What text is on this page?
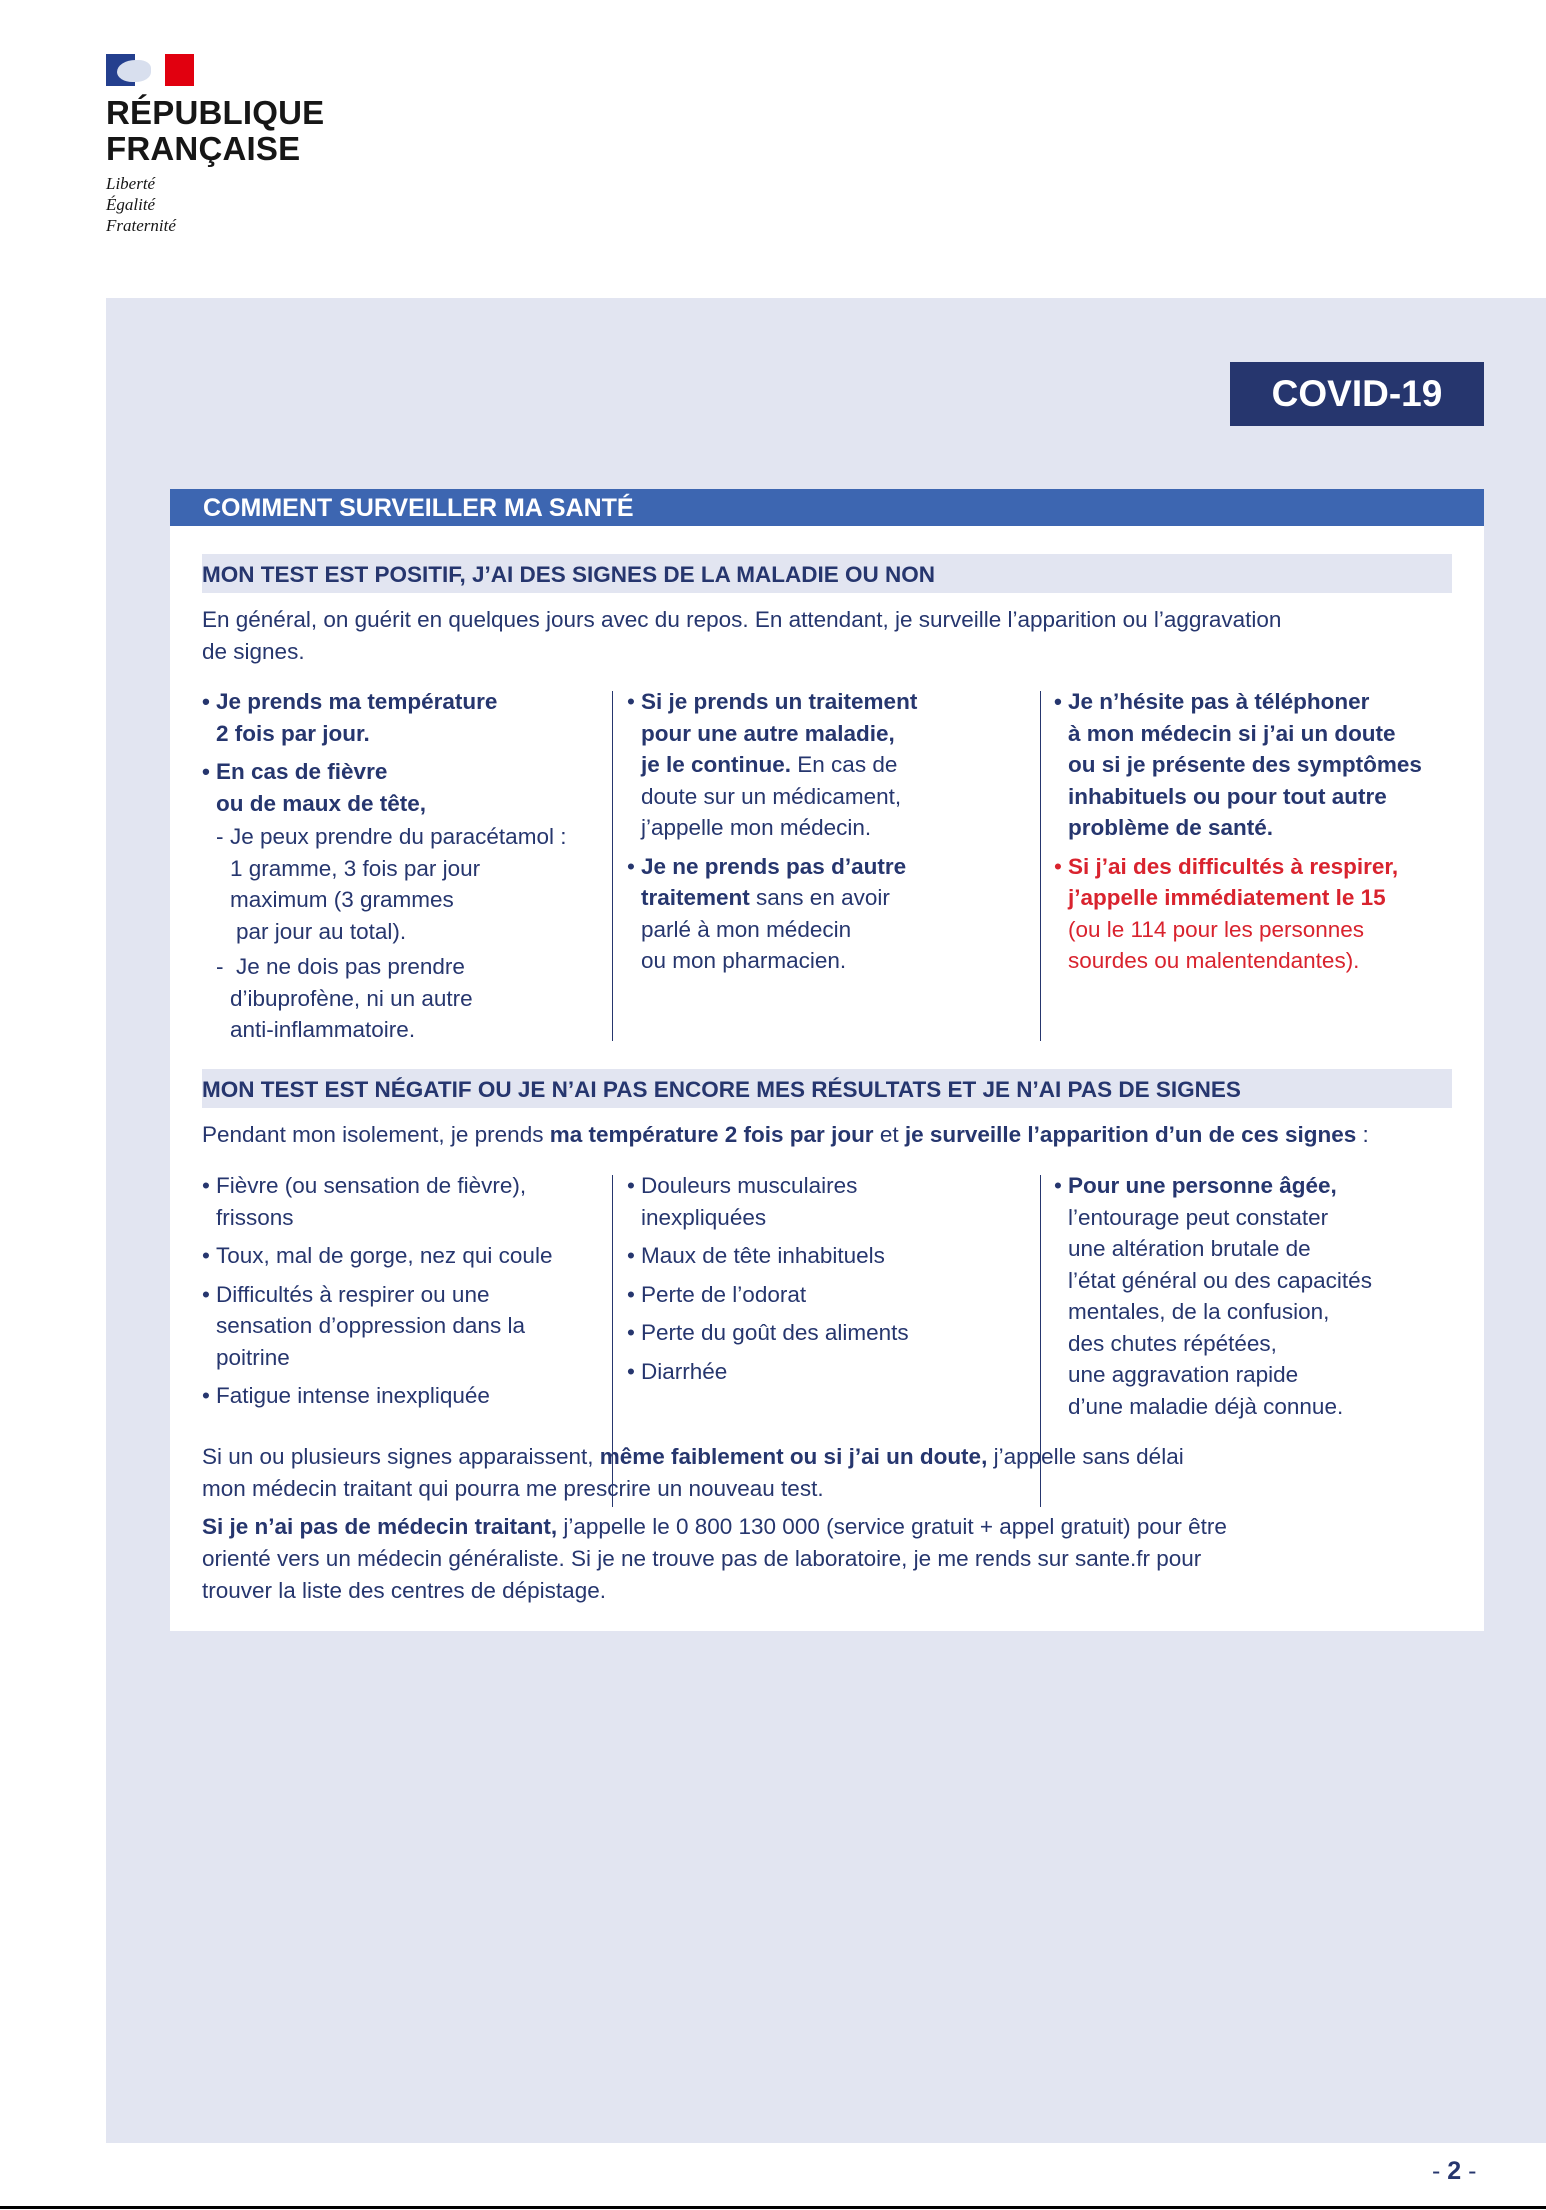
RÉPUBLIQUE
FRANÇAISE
Liberté
Égalité
Fraternité
COVID-19
COMMENT SURVEILLER MA SANTÉ
MON TEST EST POSITIF, J’AI DES SIGNES DE LA MALADIE OU NON
En général, on guérit en quelques jours avec du repos. En attendant, je surveille l’apparition ou l’aggravation
de signes.
• Je prends ma température
2 fois par jour.
• En cas de fièvre
ou de maux de tête,
- Je peux prendre du paracétamol :
1 gramme, 3 fois par jour
maximum (3 grammes
par jour au total).
- Je ne dois pas prendre
d’ibuprofène, ni un autre
anti-inflammatoire.
• Si je prends un traitement
pour une autre maladie,
je le continue. En cas de
doute sur un médicament,
j’appelle mon médecin.
• Je ne prends pas d’autre
traitement sans en avoir
parlé à mon médecin
ou mon pharmacien.
• Je n’hésite pas à téléphoner
à mon médecin si j’ai un doute
ou si je présente des symptômes
inhabituels ou pour tout autre
problème de santé.
• Si j’ai des difficultés à respirer,
j’appelle immédiatement le 15
(ou le 114 pour les personnes
sourdes ou malentendantes).
MON TEST EST NÉGATIF OU JE N’AI PAS ENCORE MES RÉSULTATS ET JE N’AI PAS DE SIGNES
Pendant mon isolement, je prends ma température 2 fois par jour et je surveille l’apparition d’un de ces signes :
• Fièvre (ou sensation de fièvre),
frissons
• Toux, mal de gorge, nez qui coule
• Difficultés à respirer ou une
sensation d’oppression dans la
poitrine
• Fatigue intense inexpliquée
• Douleurs musculaires
inexpliquées
• Maux de tête inhabituels
• Perte de l’odorat
• Perte du goût des aliments
• Diarrhée
• Pour une personne âgée,
l’entourage peut constater
une altération brutale de
l’état général ou des capacités
mentales, de la confusion,
des chutes répétées,
une aggravation rapide
d’une maladie déjà connue.
Si un ou plusieurs signes apparaissent, même faiblement ou si j’ai un doute, j’appelle sans délai
mon médecin traitant qui pourra me prescrire un nouveau test.
Si je n’ai pas de médecin traitant, j’appelle le 0 800 130 000 (service gratuit + appel gratuit) pour être
orienté vers un médecin généraliste. Si je ne trouve pas de laboratoire, je me rends sur sante.fr pour
trouver la liste des centres de dépistage.
- 2 -
